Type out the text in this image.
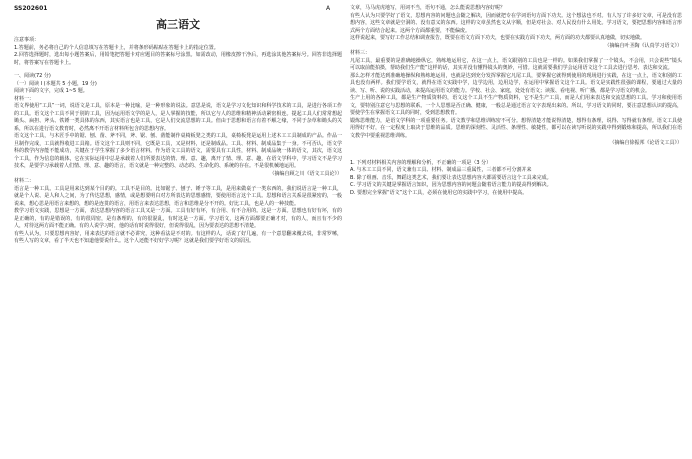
SS202601	A
高三语文

注意事项：

1.答题前，务必将自己的个人信息填写在答题卡上，并将条形码粘贴在答题卡上的指定位置。

2.回答选择题时，选出每小题答案后，用铅笔把答题卡对应题目的答案标号涂黑。如需改动，用橡皮擦干净后，再选涂其他答案标号。回答非选择题时，将答案写在答题卡上。

一、阅读(72 分)

（一）阅读 I (本题共 5 小题，19 分)

阅读下面的文字，完成 1~5 题。

材料一：

语文界使用“工具”一词，说语文是工具，原本是一种比喻，是一种形象的说法。意思是说，语文是学习文化知识和科学技术的工具，是进行各项工作的工具。语文这个工具不同于别的工具，因为运用语文学的是人，是人掌握的技能，所以它与人的思维和精神活动紧密相连。提起工具人们常常想起锄头、扁担、斧头、铁锤一类具体的东西，其实语言也是工具，它是人们交流思想的工具。但由于思想和语言有着不解之缘，不同于杂草和锄头的关系，所以在进行语文教育时，必然离不开语言材料所包含的思想内容。

语文这个工具，与木匠手中的锯、刨、凿、斧不同，斧、锯、刨、凿能制作桌椅板凳之类的工具，桌椅板凳是运用上述木工工具制成的产品。作品一旦制作完成，工具就得收进工具箱。语文这个工具则不同，它既是工具，又是材料，还是制成品。工具、材料、制成品集于一身。不可否认，语文学科的教学内容能不能成功，关键在于学生掌握了多少语言材料。作为语文工具的语文，需要具有工具性，材料、制成品统一体的语文，其次，语文这个工具，作为信息的载体，它在实际运用中总是承载着人们所要表达的情、理、意、趣，离开了情、理、意、趣，在语文学科中，学习语文不是学习技术，是要学习承载着人们情、理、意、趣的语言，语文就是一种完整的、动态的、生命化的、系统的存在。不是很机械地运用。

（摘编自顾之川《语文工具论》）

材料二：

语言是一种工具。工具是用来达到某个目的的。工具不是目的。比如锯子、刨子、锤子等工具，是用来做桌子一类东西的。我们说语言是一种工具，就是个人说、是人和人之间，为了传达思想，感情，或是想要明白对方所表达的思想感情，要使用语言这个工具。思想和语言关系是很紧密的，一般说来，想心思是用语言来想的，想的是连贯的语言，用语言来表达思想，语言和思维是分不开的。好比工具，也是人的一种技能。

教学习语文实践，思想是一方面，表达思想内容的语言工具又是一方面。工具有好有坏，有合用、有不合用的。这是一方面。思想也有好有坏，有的是正确的，有的是错误的，有的很周密，是有条理的，有的很混乱，有时这是一方面。学习语文，这两方面都要正确才对，有的人，而且有不少的人，对待这两方面不能正确。有的人说学习时，他的话有时说得很好，但说得很乱，因为要表达的思想不清楚。

有些人认为，只要思想内容好，用来表达的语言就不必讲究，这种看法是不对的。有这样的人，话说了好几遍，有一个意思翻来覆去说，非常罗嗦，有些人写的文章，看了半天也不知道他要说什么。这个人还能不好好学习呢？这就是我们要学好语文的原因。

文章，马马虎虎地写，用词不当，语句不通，怎么能说思想内容好呢？

有些人认为只要学好了语文，思想内容的问题也会随之解决，因而就把专在学词语句方面下功夫。这个想法也不对。有人写了许多好文章，可是没有思想内容，这些文章就是空洞的、没有意义的东西。这样的文章虽然也文从字顺，但是对社会、对人民没有什么用处。学习语文，要把思想内容和语言形式两个方面结合起来。这两个方面都重要，不能偏废。

这样说起来，要写好工作总结和调查报告，既要在语文方面下功夫，也要在实践方面下功夫，两方面的功夫都要认真地做，切实地做。

（摘编自叶圣陶《认真学习语文》）

材料三：

凡尾工具，最重要的是准确地操纵它，熟练地运用它，在这一点上，语文跟别的工具也是一样的。如果我们掌握了一个镜头，不会用，只会说些“镜头可以取前能拍摄，帮助我们生产能”这样的话，其实并没有懂得镜头的奥妙，可惜。这就需要我们学会运用语文这个工具去进行思考、表达和交流。

那么怎样才能达到准确地操纵和熟练地运用，也就是达到充分发挥掌握它凡尾工具，要掌握它就得到使用的现场进行实践，在这一点上，语文和别的工具也没有两样。我们要学语文，就得在语文实践中学，边学边用，边用边学，在运用中掌握语文这个工具。语文是实践性很强的课程，要通过大量的读、写、听、说的实践活动，来提高运用语文的能力。学校、社会、家庭，处处有语文；读报、看电视、听广播，都是学习语文的机会。

生产上用的各种工具，都是生产物质资料的，语文这个工具不生产物质资料，它不是生产工具，而是人们用来表达和交流思想的工具。学习和使用语文，要特别注意它与思想的联系。一个人思想是否正确、健康，一般总是通过语言文字表现出来的。所以，学习语文的同时，要注意思想认识的提高，要使学生在掌握语文工具的同时，受到思想教育。

锻炼思维能力，是语文学科的一项重要任务。语文教学和思维训练密不可分。想得清楚才能说得清楚，想得有条理，说得、写得就有条理。语文工具使用得好不好，在一定程度上取决于思维的品质。思维的深刻性、灵活性、条理性、敏捷性，都可以在读写听说的实践中得到锻炼和提高，所以我们在语文教学中要重视思维训练。

（摘编自徐振邦《论语文工具》）

1. 下列对材料相关内容的理解和分析，不正确的一项是（3 分）

A. 与木工工具不同，语文兼有工具、材料、制成品三重属性，三者都不可分割并来

B. 除了组画、音乐，舞蹈这类艺术，我们要让表达思想内容大都需要语言这个工具来完成。

C. 学习语文的关键是掌握语言知识，因为思想内容的问题会随着语言能力的提高得到解决。

D. 要想完全掌握“语文”这个工具，必须在使用它的实践中学习，在使用中提高。
